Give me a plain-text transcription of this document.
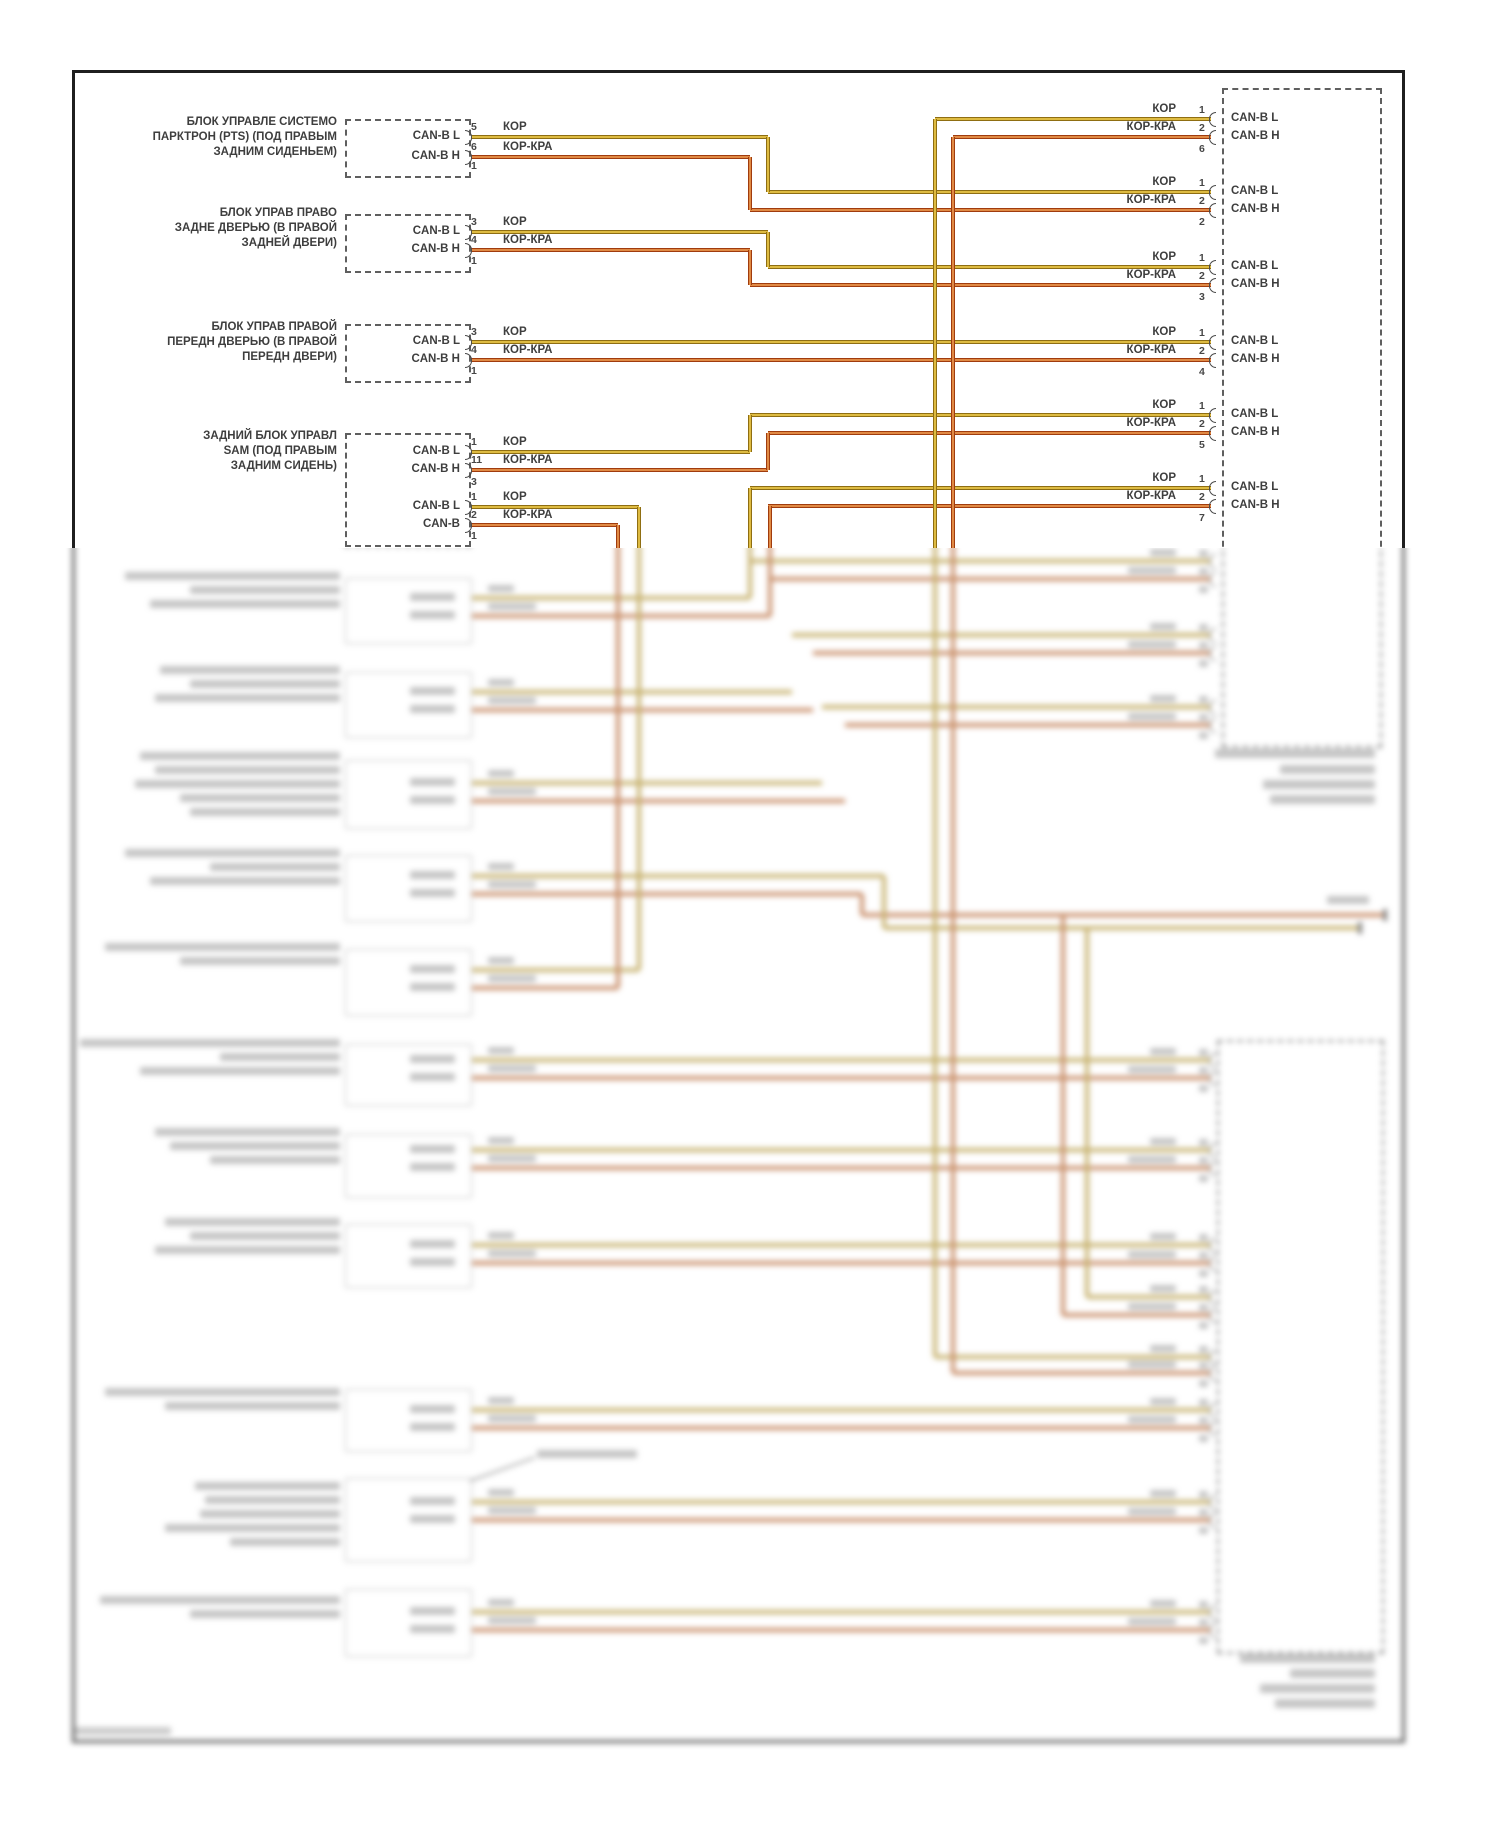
БЛОК УПРАВЛЕ СИСТЕМО
ПАРКТРОН (PTS) (ПОД ПРАВЫМ
ЗАДНИМ СИДЕНЬЕМ)
CAN-B L
5 КОР
CAN-B H
6 КОР-КРА
1
БЛОК УПРАВ ПРАВО
ЗАДНЕ ДВЕРЬЮ (В ПРАВОЙ
ЗАДНЕЙ ДВЕРИ)
CAN-B L
3 КОР
CAN-B H
4 КОР-КРА
1
БЛОК УПРАВ ПРАВОЙ
ПЕРЕДН ДВЕРЬЮ (В ПРАВОЙ
ПЕРЕДН ДВЕРИ)
CAN-B L
3 КОР
CAN-B H
4 КОР-КРА
1
ЗАДНИЙ БЛОК УПРАВЛ
SAM (ПОД ПРАВЫМ
ЗАДНИМ СИДЕНЬ)
CAN-B L
1 КОР
CAN-B H
11 КОР-КРА
3
CAN-B L
1 КОР
CAN-B
2 КОР-КРА
1
КОР 1
CAN-B L
КОР-КРА 2
CAN-B H
6
КОР 1
CAN-B L
КОР-КРА 2
CAN-B H
2
КОР 1
CAN-B L
КОР-КРА 2
CAN-B H
3
КОР 1
CAN-B L
КОР-КРА 2
CAN-B H
4
КОР 1
CAN-B L
КОР-КРА 2
CAN-B H
5
КОР 1
CAN-B L
КОР-КРА 2
CAN-B H
7
